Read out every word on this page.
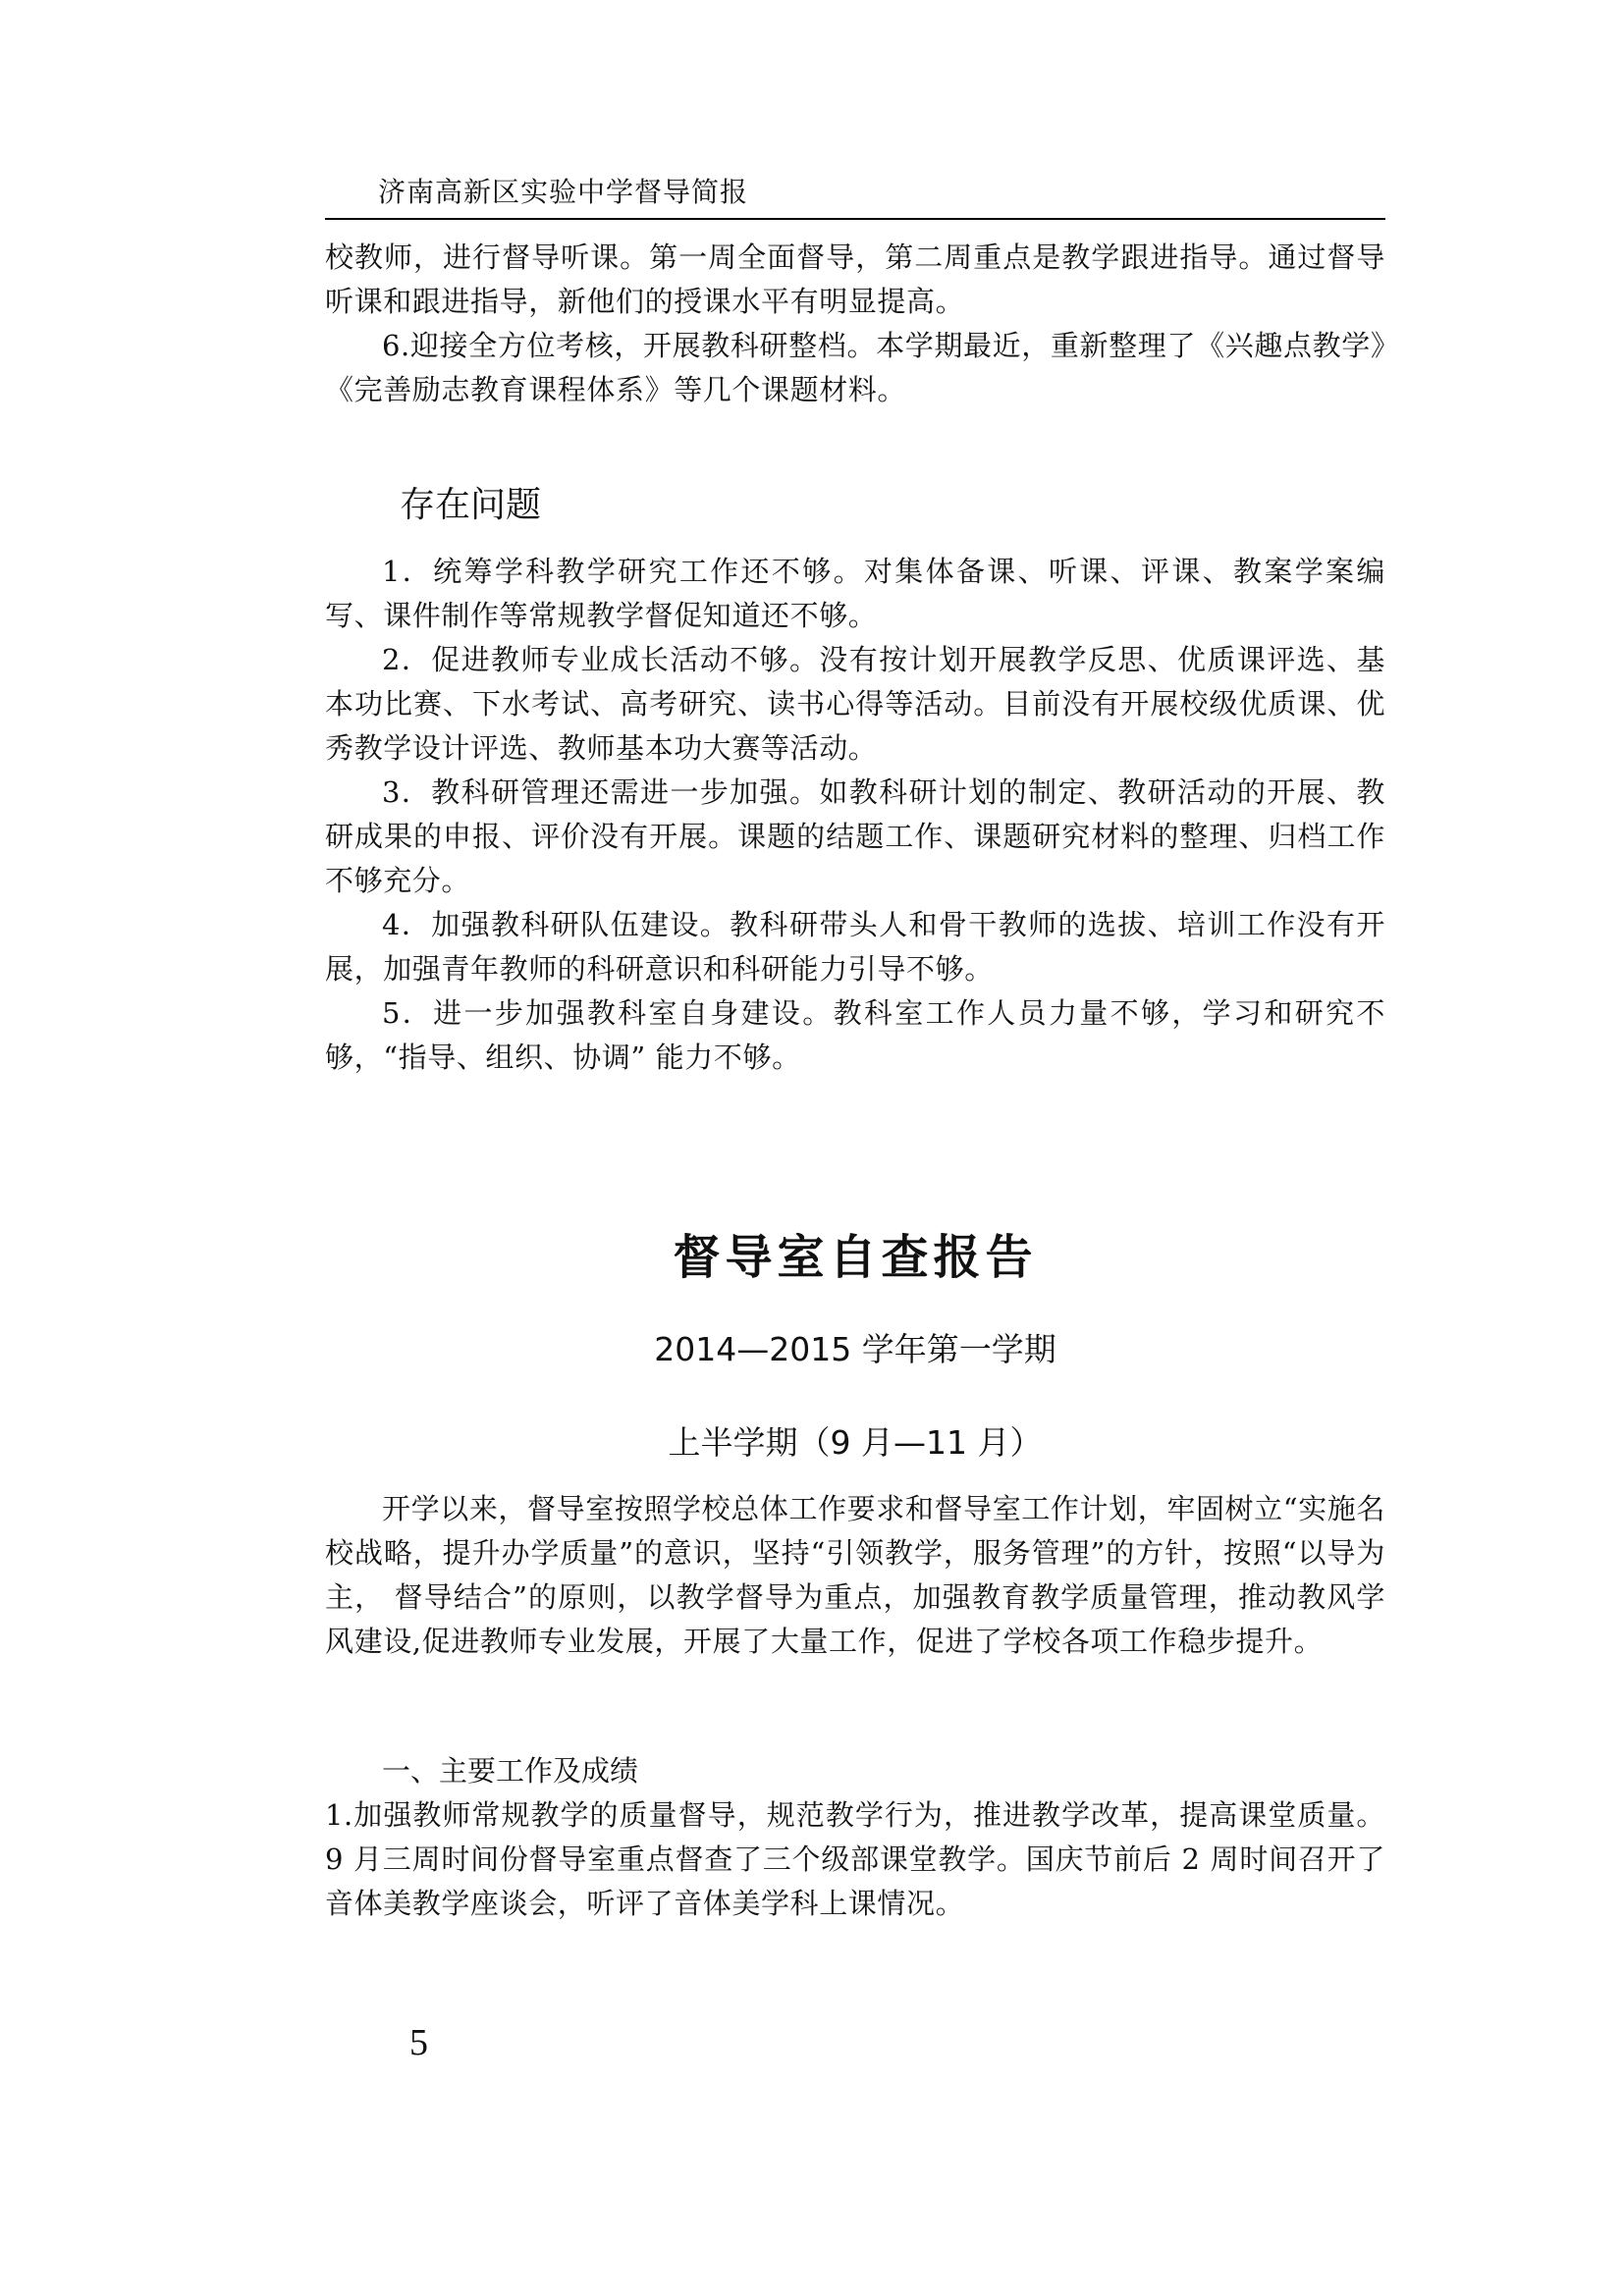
济南高新区实验中学督导简报

校教师，进行督导听课。第一周全面督导，第二周重点是教学跟进指导。通过督导听课和跟进指导，新他们的授课水平有明显提高。

6.迎接全方位考核，开展教科研整档。本学期最近，重新整理了《兴趣点教学》《完善励志教育课程体系》等几个课题材料。

存在问题

1．统筹学科教学研究工作还不够。对集体备课、听课、评课、教案学案编写、课件制作等常规教学督促知道还不够。

2．促进教师专业成长活动不够。没有按计划开展教学反思、优质课评选、基本功比赛、下水考试、高考研究、读书心得等活动。目前没有开展校级优质课、优秀教学设计评选、教师基本功大赛等活动。

3．教科研管理还需进一步加强。如教科研计划的制定、教研活动的开展、教研成果的申报、评价没有开展。课题的结题工作、课题研究材料的整理、归档工作不够充分。

4．加强教科研队伍建设。教科研带头人和骨干教师的选拔、培训工作没有开展，加强青年教师的科研意识和科研能力引导不够。

5．进一步加强教科室自身建设。教科室工作人员力量不够，学习和研究不够，“指导、组织、协调” 能力不够。

督导室自查报告
2014—2015 学年第一学期
上半学期（9 月—11 月）

开学以来，督导室按照学校总体工作要求和督导室工作计划，牢固树立“实施名校战略，提升办学质量”的意识，坚持“引领教学，服务管理”的方针，按照“以导为主， 督导结合”的原则，以教学督导为重点，加强教育教学质量管理，推动教风学风建设,促进教师专业发展，开展了大量工作，促进了学校各项工作稳步提升。

一、主要工作及成绩

1.加强教师常规教学的质量督导，规范教学行为，推进教学改革，提高课堂质量。9 月三周时间份督导室重点督查了三个级部课堂教学。国庆节前后 2 周时间召开了音体美教学座谈会，听评了音体美学科上课情况。

5
